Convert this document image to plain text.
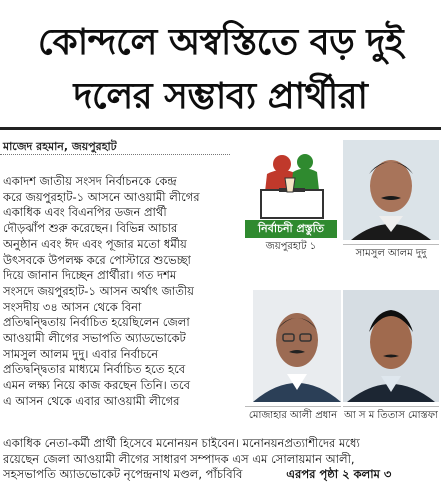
কোন্দলে অস্বস্তিতে বড় দুই
দলের সম্ভাব্য প্রার্থীরা
মাজেদ রহমান, জয়পুরহাট
একাদশ জাতীয় সংসদ নির্বাচনকে কেন্দ্র
করে জয়পুরহাট-১ আসনে আওয়ামী লীগের
একাধিক এবং বিএনপির ডজন প্রার্থী
দৌড়ঝাঁপ শুরু করেছেন। বিভিন্ন আচার
অনুষ্ঠান এবং ঈদ এবং পূজার মতো ধর্মীয়
উৎসবকে উপলক্ষ করে পোস্টারে শুভেচ্ছা
দিয়ে জানান দিচ্ছেন প্রার্থীরা। গত দশম
সংসদে জয়পুরহাট-১ আসন অর্থাৎ জাতীয়
সংসদীয় ৩৪ আসন থেকে বিনা
প্রতিদ্বন্দ্বিতায় নির্বাচিত হয়েছিলেন জেলা
আওয়ামী লীগের সভাপতি অ্যাডভোকেট
সামসুল আলম দুদু। এবার নির্বাচনে
প্রতিদ্বন্দ্বিতার মাধ্যমে নির্বাচিত হতে হবে
এমন লক্ষ্য নিয়ে কাজ করছেন তিনি। তবে
এ আসন থেকে এবার আওয়ামী লীগের
একাধিক নেতা-কর্মী প্রার্থী হিসেবে মনোনয়ন চাইবেন। মনোনয়নপ্রত্যাশীদের মধ্যে
রয়েছেন জেলা আওয়ামী লীগের সাধারণ সম্পাদক এস এম সোলায়মান আলী,
সহসভাপতি অ্যাডভোকেট নৃপেন্দ্রনাথ মণ্ডল, পাঁচবিবি	এরপর পৃষ্ঠা ২ কলাম ৩
নির্বাচনী প্রস্তুতি
জয়পুরহাট ১
সামসুল আলম দুদু
মোজাহার আলী প্রধান আ স ম তিতাস মোস্তফা
